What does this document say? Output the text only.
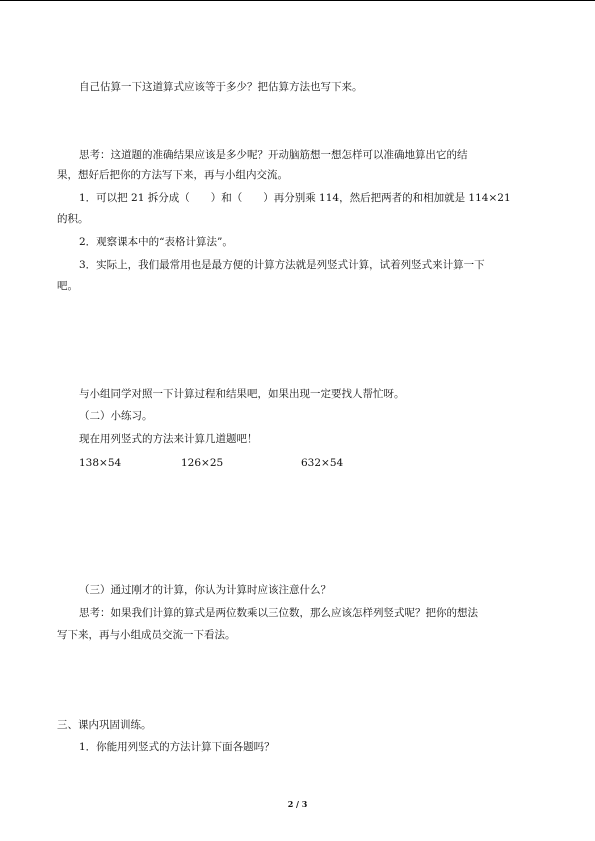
自己估算一下这道算式应该等于多少？把估算方法也写下来。
思考：这道题的准确结果应该是多少呢？开动脑筋想一想怎样可以准确地算出它的结
果，想好后把你的方法写下来，再与小组内交流。
1．可以把 21 拆分成（　　）和（　　）再分别乘 114，然后把两者的和相加就是 114×21
的积。
2．观察课本中的“表格计算法”。
3．实际上，我们最常用也是最方便的计算方法就是列竖式计算，试着列竖式来计算一下
吧。
与小组同学对照一下计算过程和结果吧，如果出现一定要找人帮忙呀。
（二）小练习。
现在用列竖式的方法来计算几道题吧！
138×54	126×25	632×54
（三）通过刚才的计算，你认为计算时应该注意什么？
思考：如果我们计算的算式是两位数乘以三位数，那么应该怎样列竖式呢？把你的想法
写下来，再与小组成员交流一下看法。
三、课内巩固训练。
1．你能用列竖式的方法计算下面各题吗？
2 / 3
